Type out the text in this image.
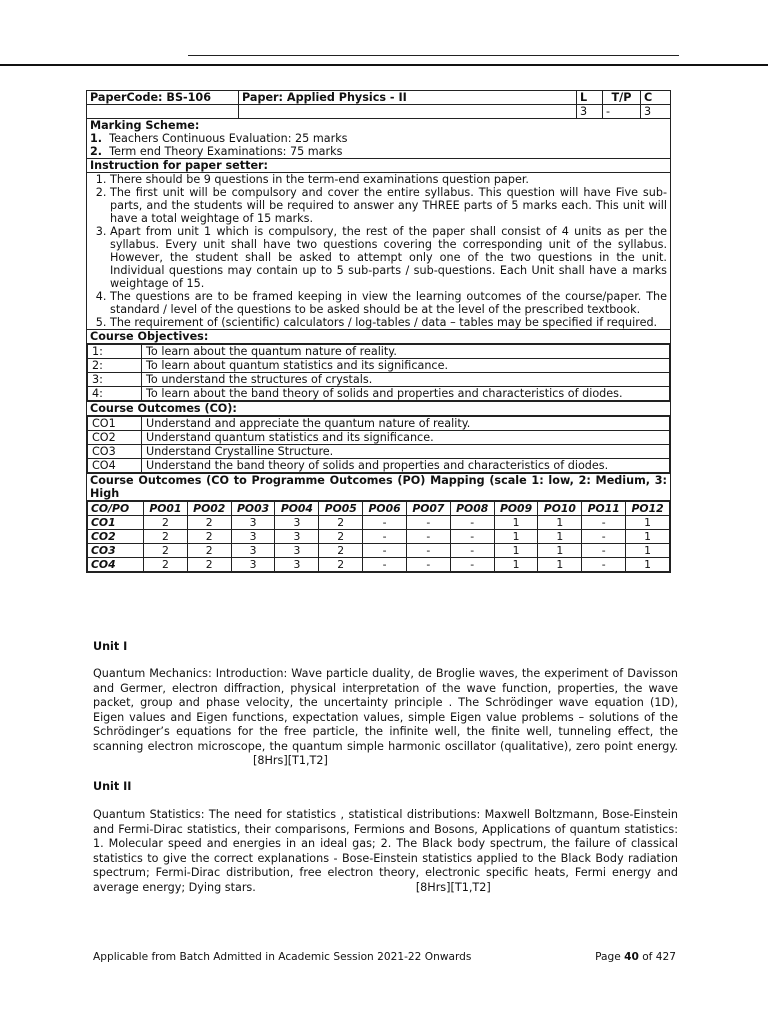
PaperCode: BS-106	Paper: Applied Physics - II	L	T/P	C
		3	-	3

Marking Scheme:
1. Teachers Continuous Evaluation: 25 marks
2. Term end Theory Examinations: 75 marks

Instruction for paper setter:

1. There should be 9 questions in the term-end examinations question paper.
2. The first unit will be compulsory and cover the entire syllabus. This question will have Five sub-parts, and the students will be required to answer any THREE parts of 5 marks each. This unit will have a total weightage of 15 marks.
3. Apart from unit 1 which is compulsory, the rest of the paper shall consist of 4 units as per the syllabus. Every unit shall have two questions covering the corresponding unit of the syllabus. However, the student shall be asked to attempt only one of the two questions in the unit. Individual questions may contain up to 5 sub-parts / sub-questions. Each Unit shall have a marks weightage of 15.
4. The questions are to be framed keeping in view the learning outcomes of the course/paper. The standard / level of the questions to be asked should be at the level of the prescribed textbook.
5. The requirement of (scientific) calculators / log-tables / data – tables may be specified if required.

Course Objectives:

1:	To learn about the quantum nature of reality.
2:	To learn about quantum statistics and its significance.
3:	To understand the structures of crystals.
4:	To learn about the band theory of solids and properties and characteristics of diodes.

Course Outcomes (CO):

CO1	Understand and appreciate the quantum nature of reality.
CO2	Understand quantum statistics and its significance.
CO3	Understand Crystalline Structure.
CO4	Understand the band theory of solids and properties and characteristics of diodes.

Course Outcomes (CO to Programme Outcomes (PO) Mapping (scale 1: low, 2: Medium, 3: High

CO/PO	PO01	PO02	PO03	PO04	PO05	PO06	PO07	PO08	PO09	PO10	PO11	PO12
CO1	2	2	3	3	2	-	-	-	1	1	-	1
CO2	2	2	3	3	2	-	-	-	1	1	-	1
CO3	2	2	3	3	2	-	-	-	1	1	-	1
CO4	2	2	3	3	2	-	-	-	1	1	-	1
Unit I
Quantum Mechanics: Introduction: Wave particle duality, de Broglie waves, the experiment of Davisson and Germer, electron diffraction, physical interpretation of the wave function, properties, the wave packet, group and phase velocity, the uncertainty principle . The Schrödinger wave equation (1D), Eigen values and Eigen functions, expectation values, simple Eigen value problems – solutions of the Schrödinger’s equations for the free particle, the infinite well, the finite well, tunneling effect, the scanning electron microscope, the quantum simple harmonic oscillator (qualitative), zero point energy.[8Hrs][T1,T2]
Unit II
Quantum Statistics: The need for statistics , statistical distributions: Maxwell Boltzmann, Bose-Einstein and Fermi-Dirac statistics, their comparisons, Fermions and Bosons, Applications of quantum statistics: 1. Molecular speed and energies in an ideal gas; 2. The Black body spectrum, the failure of classical statistics to give the correct explanations - Bose-Einstein statistics applied to the Black Body radiation spectrum; Fermi-Dirac distribution, free electron theory, electronic specific heats, Fermi energy and average energy; Dying stars.	[8Hrs][T1,T2]
Applicable from Batch Admitted in Academic Session 2021-22 Onwards	Page 40 of 427
